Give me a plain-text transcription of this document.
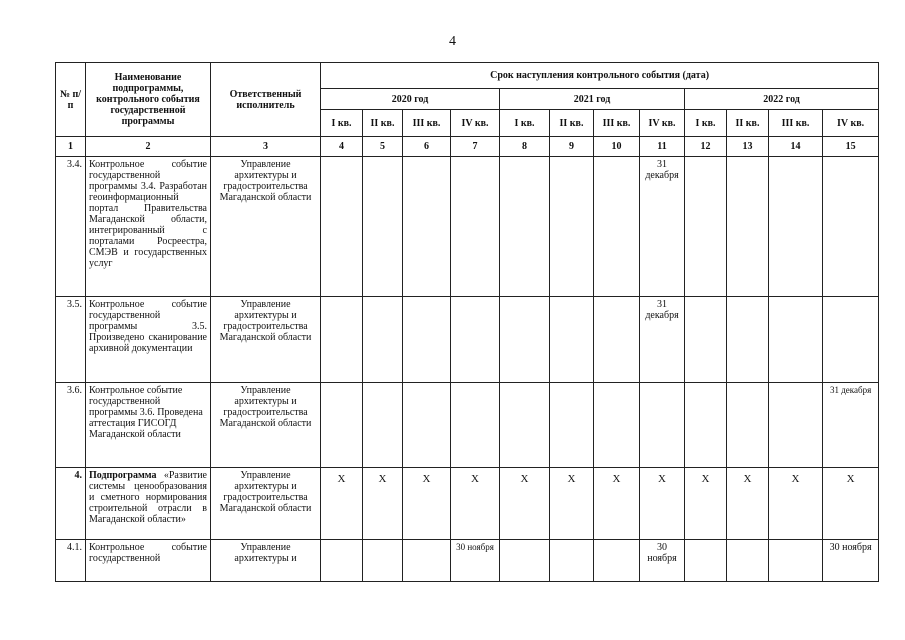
4
№ п/п	Наименование подпрограммы, контрольного события государственной программы	Ответственный исполнитель	Срок наступления контрольного события (дата)											
			2020 год				2021 год				2022 год			
			I кв.	II кв.	III кв.	IV кв.	I кв.	II кв.	III кв.	IV кв.	I кв.	II кв.	III кв.	IV кв.
1	2	3	4	5	6	7	8	9	10	11	12	13	14	15
3.4.	Контрольное событие государственной программы 3.4. Разработан геоинформационный портал Правительства Магаданской области, интегрированный с порталами Росреестра, СМЭВ и государственных услуг	Управление архитектуры и градостроительства Магаданской области								31 декабря				
3.5.	Контрольное событие государственной программы 3.5. Произведено сканирование архивной документации	Управление архитектуры и градостроительства Магаданской области								31 декабря				
3.6.	Контрольное событие государственной программы 3.6. Проведена аттестация ГИСОГД Магаданской области	Управление архитектуры и градостроительства Магаданской области												31 декабря
4.	Подпрограмма «Развитие системы ценообразования и сметного нормирования строительной отрасли в Магаданской области»	Управление архитектуры и градостроительства Магаданской области	Х	Х	Х	Х	Х	Х	Х	Х	Х	Х	Х	Х
4.1.	Контрольное событие государственной	Управление архитектуры и				30 ноября				30 ноября				30 ноября
